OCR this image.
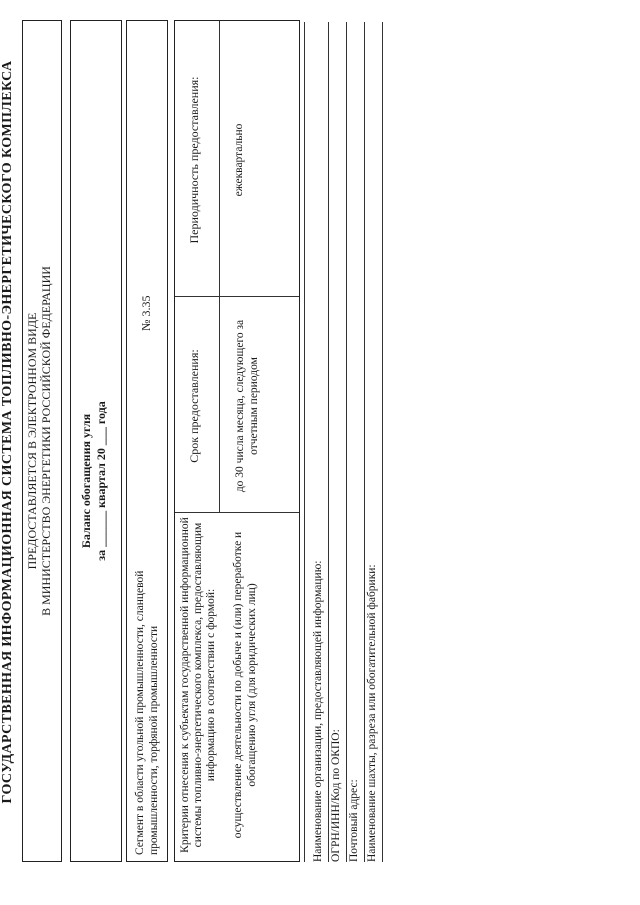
ГОСУДАРСТВЕННАЯ ИНФОРМАЦИОННАЯ СИСТЕМА ТОПЛИВНО-ЭНЕРГЕТИЧЕСКОГО КОМПЛЕКСА ПРЕДОСТАВЛЯЕТСЯ В ЭЛЕКТРОННОМ ВИДЕ В МИНИСТЕРСТВО ЭНЕРГЕТИКИ РОССИЙСКОЙ ФЕДЕРАЦИИ Баланс обогащения угля за ______ квартал 20 ___ года
Сегмент в области угольной промышленности, сланцевой промышленности, торфяной промышленности
№ 3.35
Критерии отнесения к субъектам государственной информационной системы топливно-энергетического комплекса, предоставляющим информацию в соответствии с формой: осуществление деятельности по добыче и (или) переработке и обогащению угля (для юридических лиц)
Срок предоставления:	до 30 числа месяца, следующего за отчетным периодом
Периодичность предоставления:	ежеквартально
Наименование организации, предоставляющей информацию: ОГРН/ИНН/Код по ОКПО: Почтовый адрес: Наименование шахты, разреза или обогатительной фабрики:
